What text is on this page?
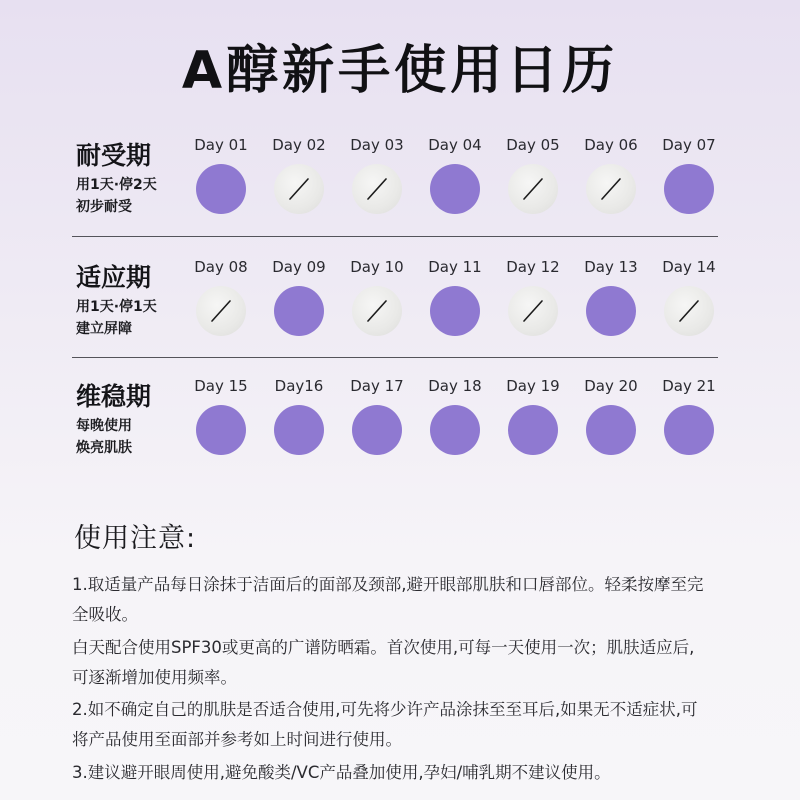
A醇新手使用日历
耐受期
用1天·停2天
初步耐受
Day 01	Day 02	Day 03	Day 04	Day 05	Day 06	Day 07
适应期
用1天·停1天
建立屏障
Day 08	Day 09	Day 10	Day 11	Day 12	Day 13	Day 14
维稳期
每晚使用
焕亮肌肤
Day 15	Day16	Day 17	Day 18	Day 19	Day 20	Day 21
使用注意:
1.取适量产品每日涂抹于洁面后的面部及颈部,避开眼部肌肤和口唇部位。轻柔按摩至完
全吸收。
白天配合使用SPF30或更高的广谱防晒霜。首次使用,可每一天使用一次；肌肤适应后,
可逐渐增加使用频率。
2.如不确定自己的肌肤是否适合使用,可先将少许产品涂抹至至耳后,如果无不适症状,可
将产品使用至面部并参考如上时间进行使用。
3.建议避开眼周使用,避免酸类/VC产品叠加使用,孕妇/哺乳期不建议使用。
